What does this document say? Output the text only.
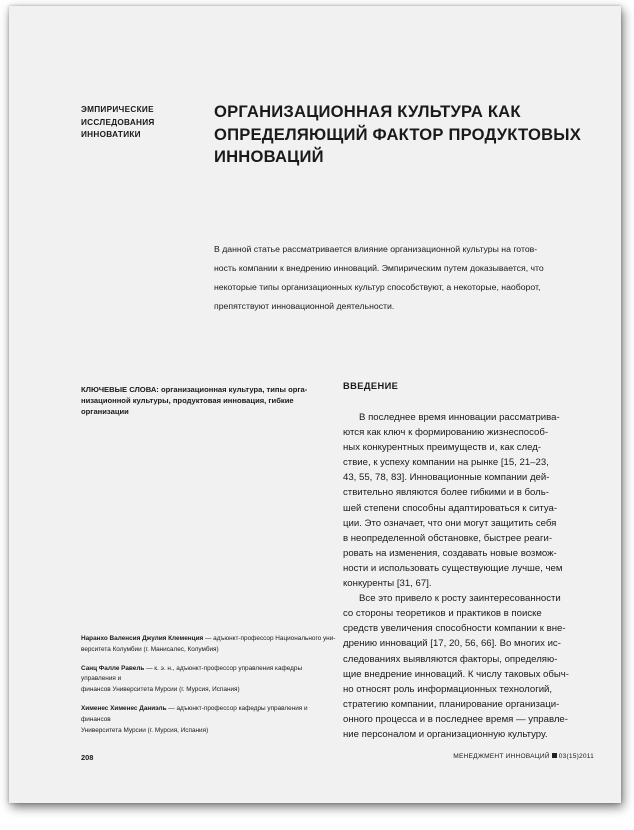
ЭМПИРИЧЕСКИЕ
ИССЛЕДОВАНИЯ
ИННОВАТИКИ
ОРГАНИЗАЦИОННАЯ КУЛЬТУРА КАК
ОПРЕДЕЛЯЮЩИЙ ФАКТОР ПРОДУКТОВЫХ
ИННОВАЦИЙ
В данной статье рассматривается влияние организационной культуры на готов-
ность компании к внедрению инноваций. Эмпирическим путем доказывается, что
некоторые типы организационных культур способствуют, а некоторые, наоборот,
препятствуют инновационной деятельности.
КЛЮЧЕВЫЕ СЛОВА: организационная культура, типы орга-
низационной культуры, продуктовая инновация, гибкие
организации
Наранхо Валенсия Джулия Клеменция — адъюнкт-профессор Национального уни-
верситета Колумбии (г. Манисалес, Колумбия)
Санц Фалле Равель — к. э. н., адъюнкт-профессор управления кафедры управления и
финансов Университета Мурсии (г. Мурсия, Испания)
Хименес Хименес Даниэль — адъюнкт-профессор кафедры управления и финансов
Университета Мурсии (г. Мурсия, Испания)
ВВЕДЕНИЕ

В последнее время инновации рассматрива-
ются как ключ к формированию жизнеспособ-
ных конкурентных преимуществ и, как след-
ствие, к успеху компании на рынке [15, 21–23,
43, 55, 78, 83]. Инновационные компании дей-
ствительно являются более гибкими и в боль-
шей степени способны адаптироваться к ситуа-
ции. Это означает, что они могут защитить себя
в неопределенной обстановке, быстрее реаги-
ровать на изменения, создавать новые возмож-
ности и использовать существующие лучше, чем
конкуренты [31, 67].

Все это привело к росту заинтересованности
со стороны теоретиков и практиков в поиске
средств увеличения способности компании к вне-
дрению инноваций [17, 20, 56, 66]. Во многих ис-
следованиях выявляются факторы, определяю-
щие внедрение инноваций. К числу таковых обыч-
но относят роль информационных технологий,
стратегию компании, планирование организаци-
онного процесса и в последнее время — управле-
ние персоналом и организационную культуру.

208	МЕНЕДЖМЕНТ ИННОВАЦИЙ 03(15)2011
